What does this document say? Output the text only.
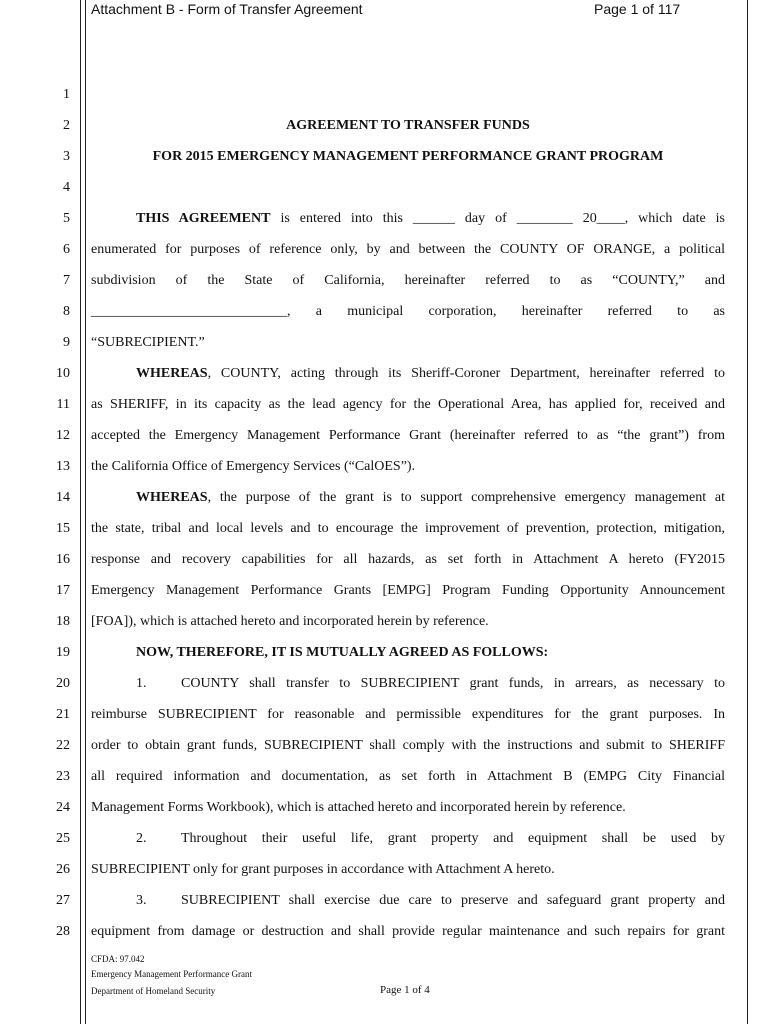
Attachment B - Form of Transfer Agreement	Page 1 of 117
1
2
3
4
5
6
7
8
9
10
11
12
13
14
15
16
17
18
19
20
21
22
23
24
25
26
27
28
AGREEMENT TO TRANSFER FUNDS
FOR 2015 EMERGENCY MANAGEMENT PERFORMANCE GRANT PROGRAM
THIS AGREEMENT is entered into this ______ day of ________ 20____, which date is
enumerated for purposes of reference only, by and between the COUNTY OF ORANGE, a political
subdivision of the State of California, hereinafter referred to as “COUNTY,” and
____________________________, a municipal corporation, hereinafter referred to as
“SUBRECIPIENT.”
WHEREAS, COUNTY, acting through its Sheriff-Coroner Department, hereinafter referred to
as SHERIFF, in its capacity as the lead agency for the Operational Area, has applied for, received and
accepted the Emergency Management Performance Grant (hereinafter referred to as “the grant”) from
the California Office of Emergency Services (“CalOES”).
WHEREAS, the purpose of the grant is to support comprehensive emergency management at
the state, tribal and local levels and to encourage the improvement of prevention, protection, mitigation,
response and recovery capabilities for all hazards, as set forth in Attachment A hereto (FY2015
Emergency Management Performance Grants [EMPG] Program Funding Opportunity Announcement
[FOA]), which is attached hereto and incorporated herein by reference.
NOW, THEREFORE, IT IS MUTUALLY AGREED AS FOLLOWS:
1. COUNTY shall transfer to SUBRECIPIENT grant funds, in arrears, as necessary to
reimburse SUBRECIPIENT for reasonable and permissible expenditures for the grant purposes. In
order to obtain grant funds, SUBRECIPIENT shall comply with the instructions and submit to SHERIFF
all required information and documentation, as set forth in Attachment B (EMPG City Financial
Management Forms Workbook), which is attached hereto and incorporated herein by reference.
2. Throughout their useful life, grant property and equipment shall be used by
SUBRECIPIENT only for grant purposes in accordance with Attachment A hereto.
3. SUBRECIPIENT shall exercise due care to preserve and safeguard grant property and
equipment from damage or destruction and shall provide regular maintenance and such repairs for grant
CFDA: 97.042
Emergency Management Performance Grant
Department of Homeland Security	Page 1 of 4
